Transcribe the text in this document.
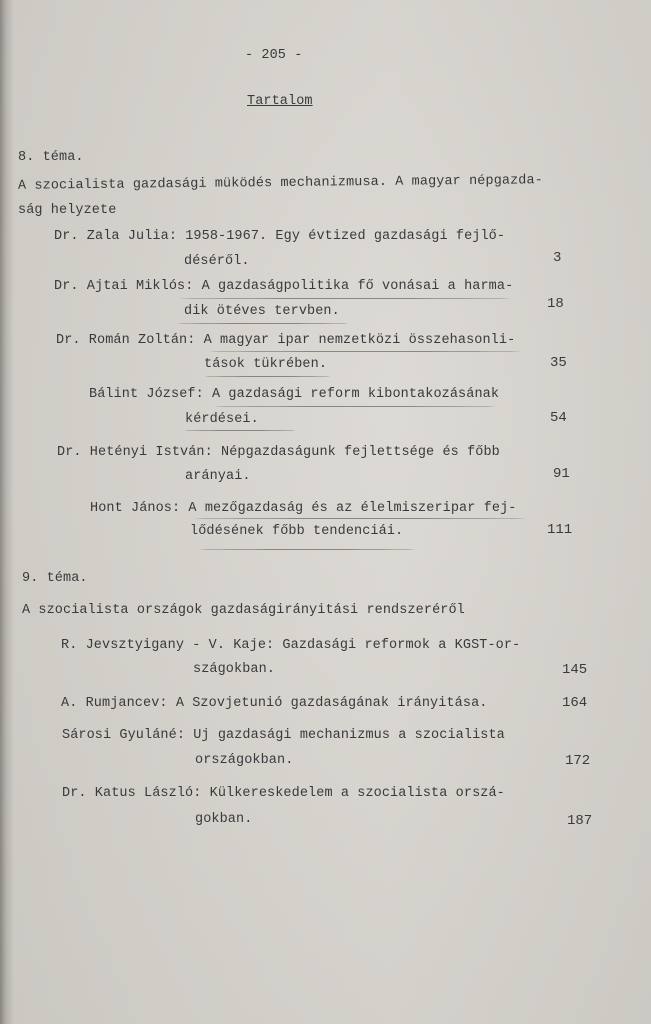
- 205 -
Tartalom
8. téma.
A szocialista gazdasági müködés mechanizmusa. A magyar népgazda-
ság helyzete
Dr. Zala Julia: 1958-1967. Egy évtized gazdasági fejlő-
déséről.	3
Dr. Ajtai Miklós: A gazdaságpolitika fő vonásai a harma-
dik ötéves tervben.	18
Dr. Román Zoltán: A magyar ipar nemzetközi összehasonli-
tások tükrében.	35
Bálint József: A gazdasági reform kibontakozásának
kérdései.	54
Dr. Hetényi István: Népgazdaságunk fejlettsége és főbb
arányai.	91
Hont János: A mezőgazdaság és az élelmiszeripar fej-
lődésének főbb tendenciái.	111
9. téma.
A szocialista országok gazdaságirányitási rendszeréről
R. Jevsztyigany - V. Kaje: Gazdasági reformok a KGST-or-
szágokban.	145
A. Rumjancev: A Szovjetunió gazdaságának irányitása.	164
Sárosi Gyuláné: Uj gazdasági mechanizmus a szocialista
országokban.	172
Dr. Katus László: Külkereskedelem a szocialista orszá-
gokban.	187
